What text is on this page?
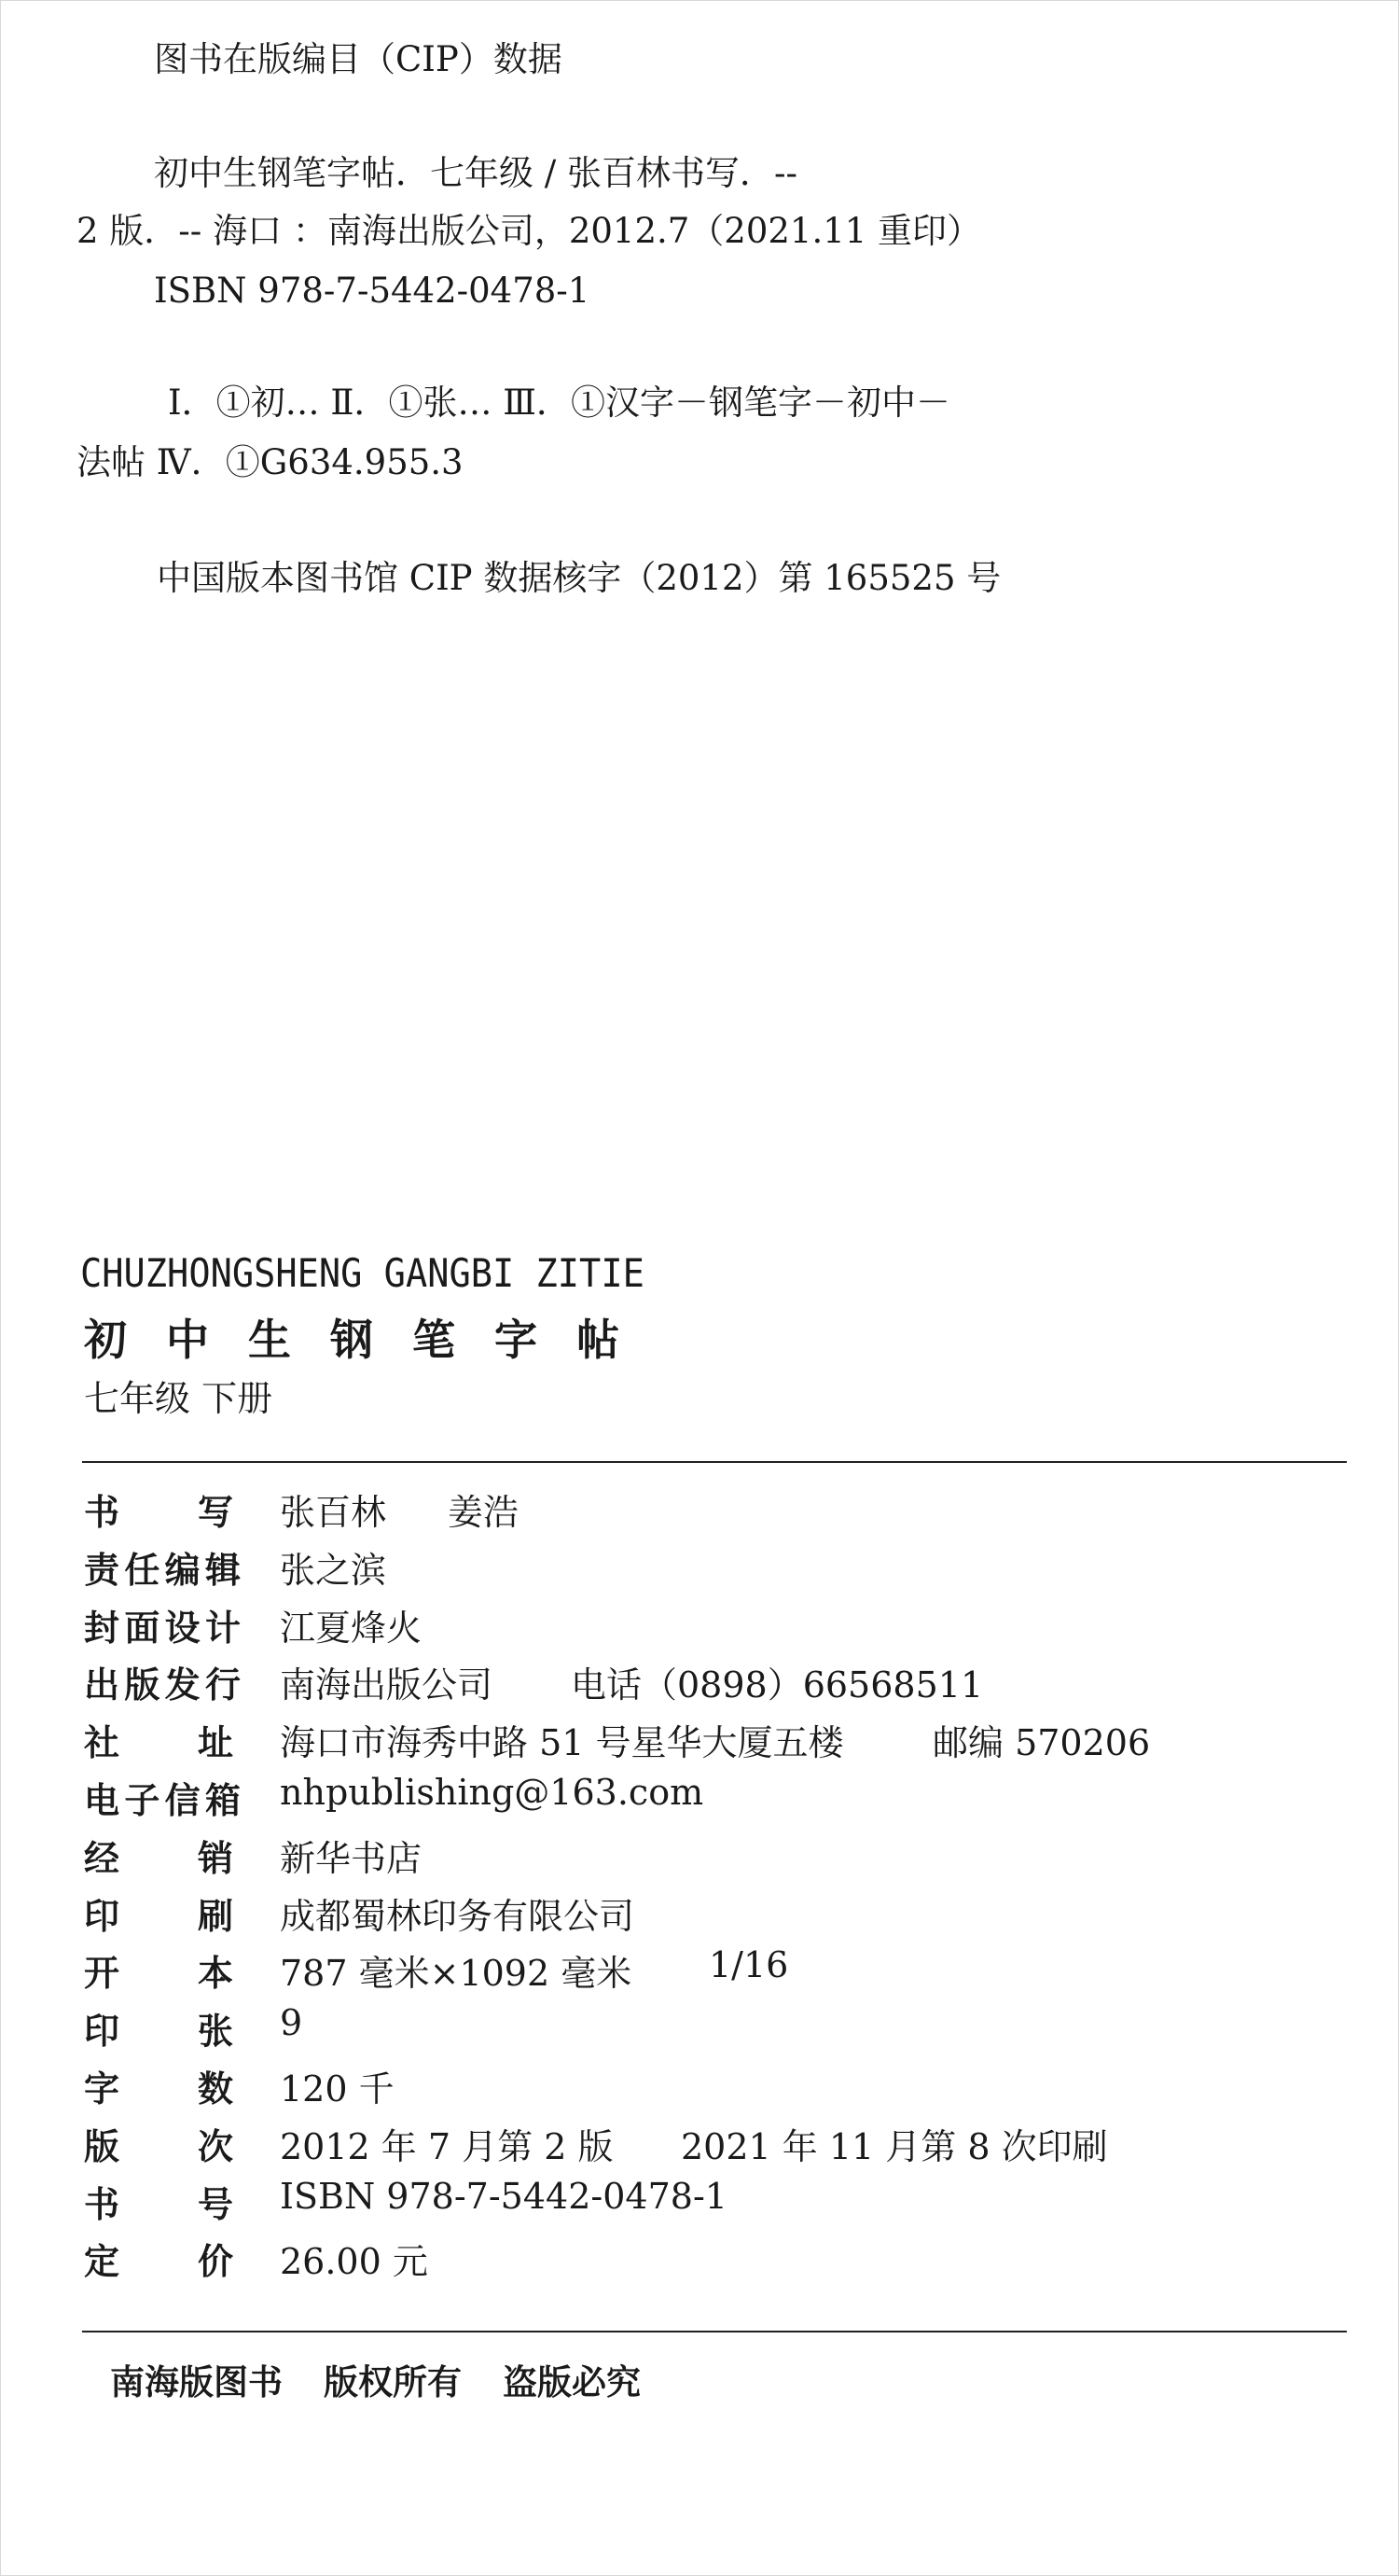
图书在版编目（CIP）数据
初中生钢笔字帖．七年级 / 张百林书写．--
2 版．-- 海口 ：南海出版公司，2012.7（2021.11 重印）
ISBN 978-7-5442-0478-1
Ⅰ．①初… Ⅱ．①张… Ⅲ．①汉字－钢笔字－初中－
法帖 Ⅳ．①G634.955.3
中国版本图书馆 CIP 数据核字（2012）第 165525 号
CHUZHONGSHENG GANGBI ZITIE
初中生钢笔字帖
七年级 下册
书 写 张百林 姜浩
责 任 编 辑 张之滨
封 面 设 计 江夏烽火
出 版 发 行 南海出版公司 电话（0898）66568511
社 址 海口市海秀中路 51 号星华大厦五楼	邮编 570206
电 子 信 箱 nhpublishing@163.com
经 销 新华书店
印 刷 成都蜀林印务有限公司
开 本 787 毫米×1092 毫米 1/16
印 张 9
字 数 120 千
版 次 2012 年 7 月第 2 版 2021 年 11 月第 8 次印刷
书 号 ISBN 978-7-5442-0478-1
定 价 26.00 元
南海版图书 版权所有 盗版必究
